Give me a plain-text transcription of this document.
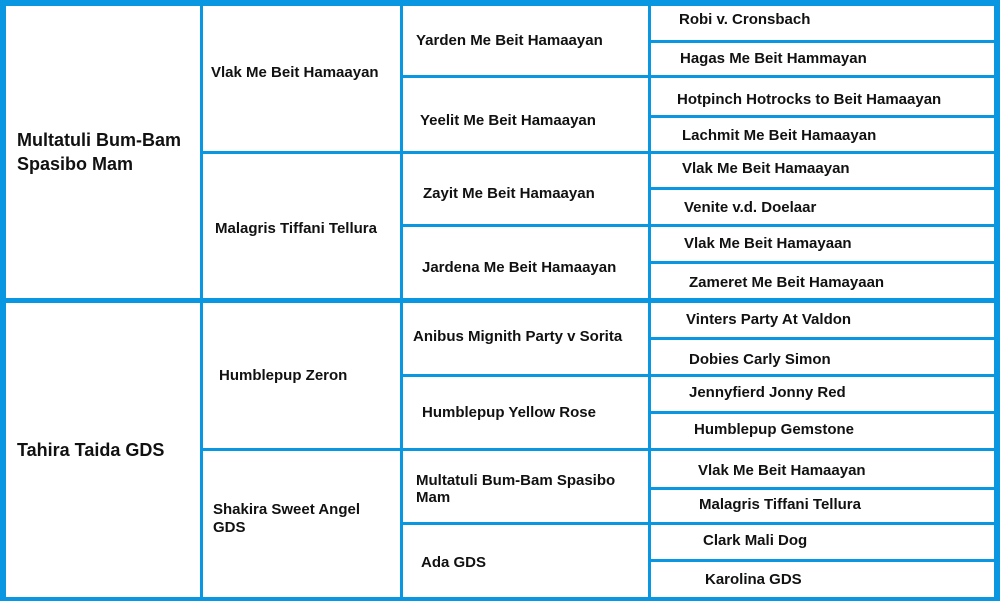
Multatuli Bum-Bam Spasibo Mam
Tahira Taida GDS
Vlak Me Beit Hamaayan
Malagris Tiffani Tellura
Humblepup Zeron
Shakira Sweet Angel GDS
Yarden Me Beit Hamaayan
Yeelit Me Beit Hamaayan
Zayit Me Beit Hamaayan
Jardena Me Beit Hamaayan
Anibus Mignith Party v Sorita
Humblepup Yellow Rose
Multatuli Bum-Bam Spasibo Mam
Ada GDS
Robi v. Cronsbach
Hagas Me Beit Hammayan
Hotpinch Hotrocks to Beit Hamaayan
Lachmit Me Beit Hamaayan
Vlak Me Beit Hamaayan
Venite v.d. Doelaar
Vlak Me Beit Hamayaan
Zameret Me Beit Hamayaan
Vinters Party At Valdon
Dobies Carly Simon
Jennyfierd Jonny Red
Humblepup Gemstone
Vlak Me Beit Hamaayan
Malagris Tiffani Tellura
Clark Mali Dog
Karolina GDS
